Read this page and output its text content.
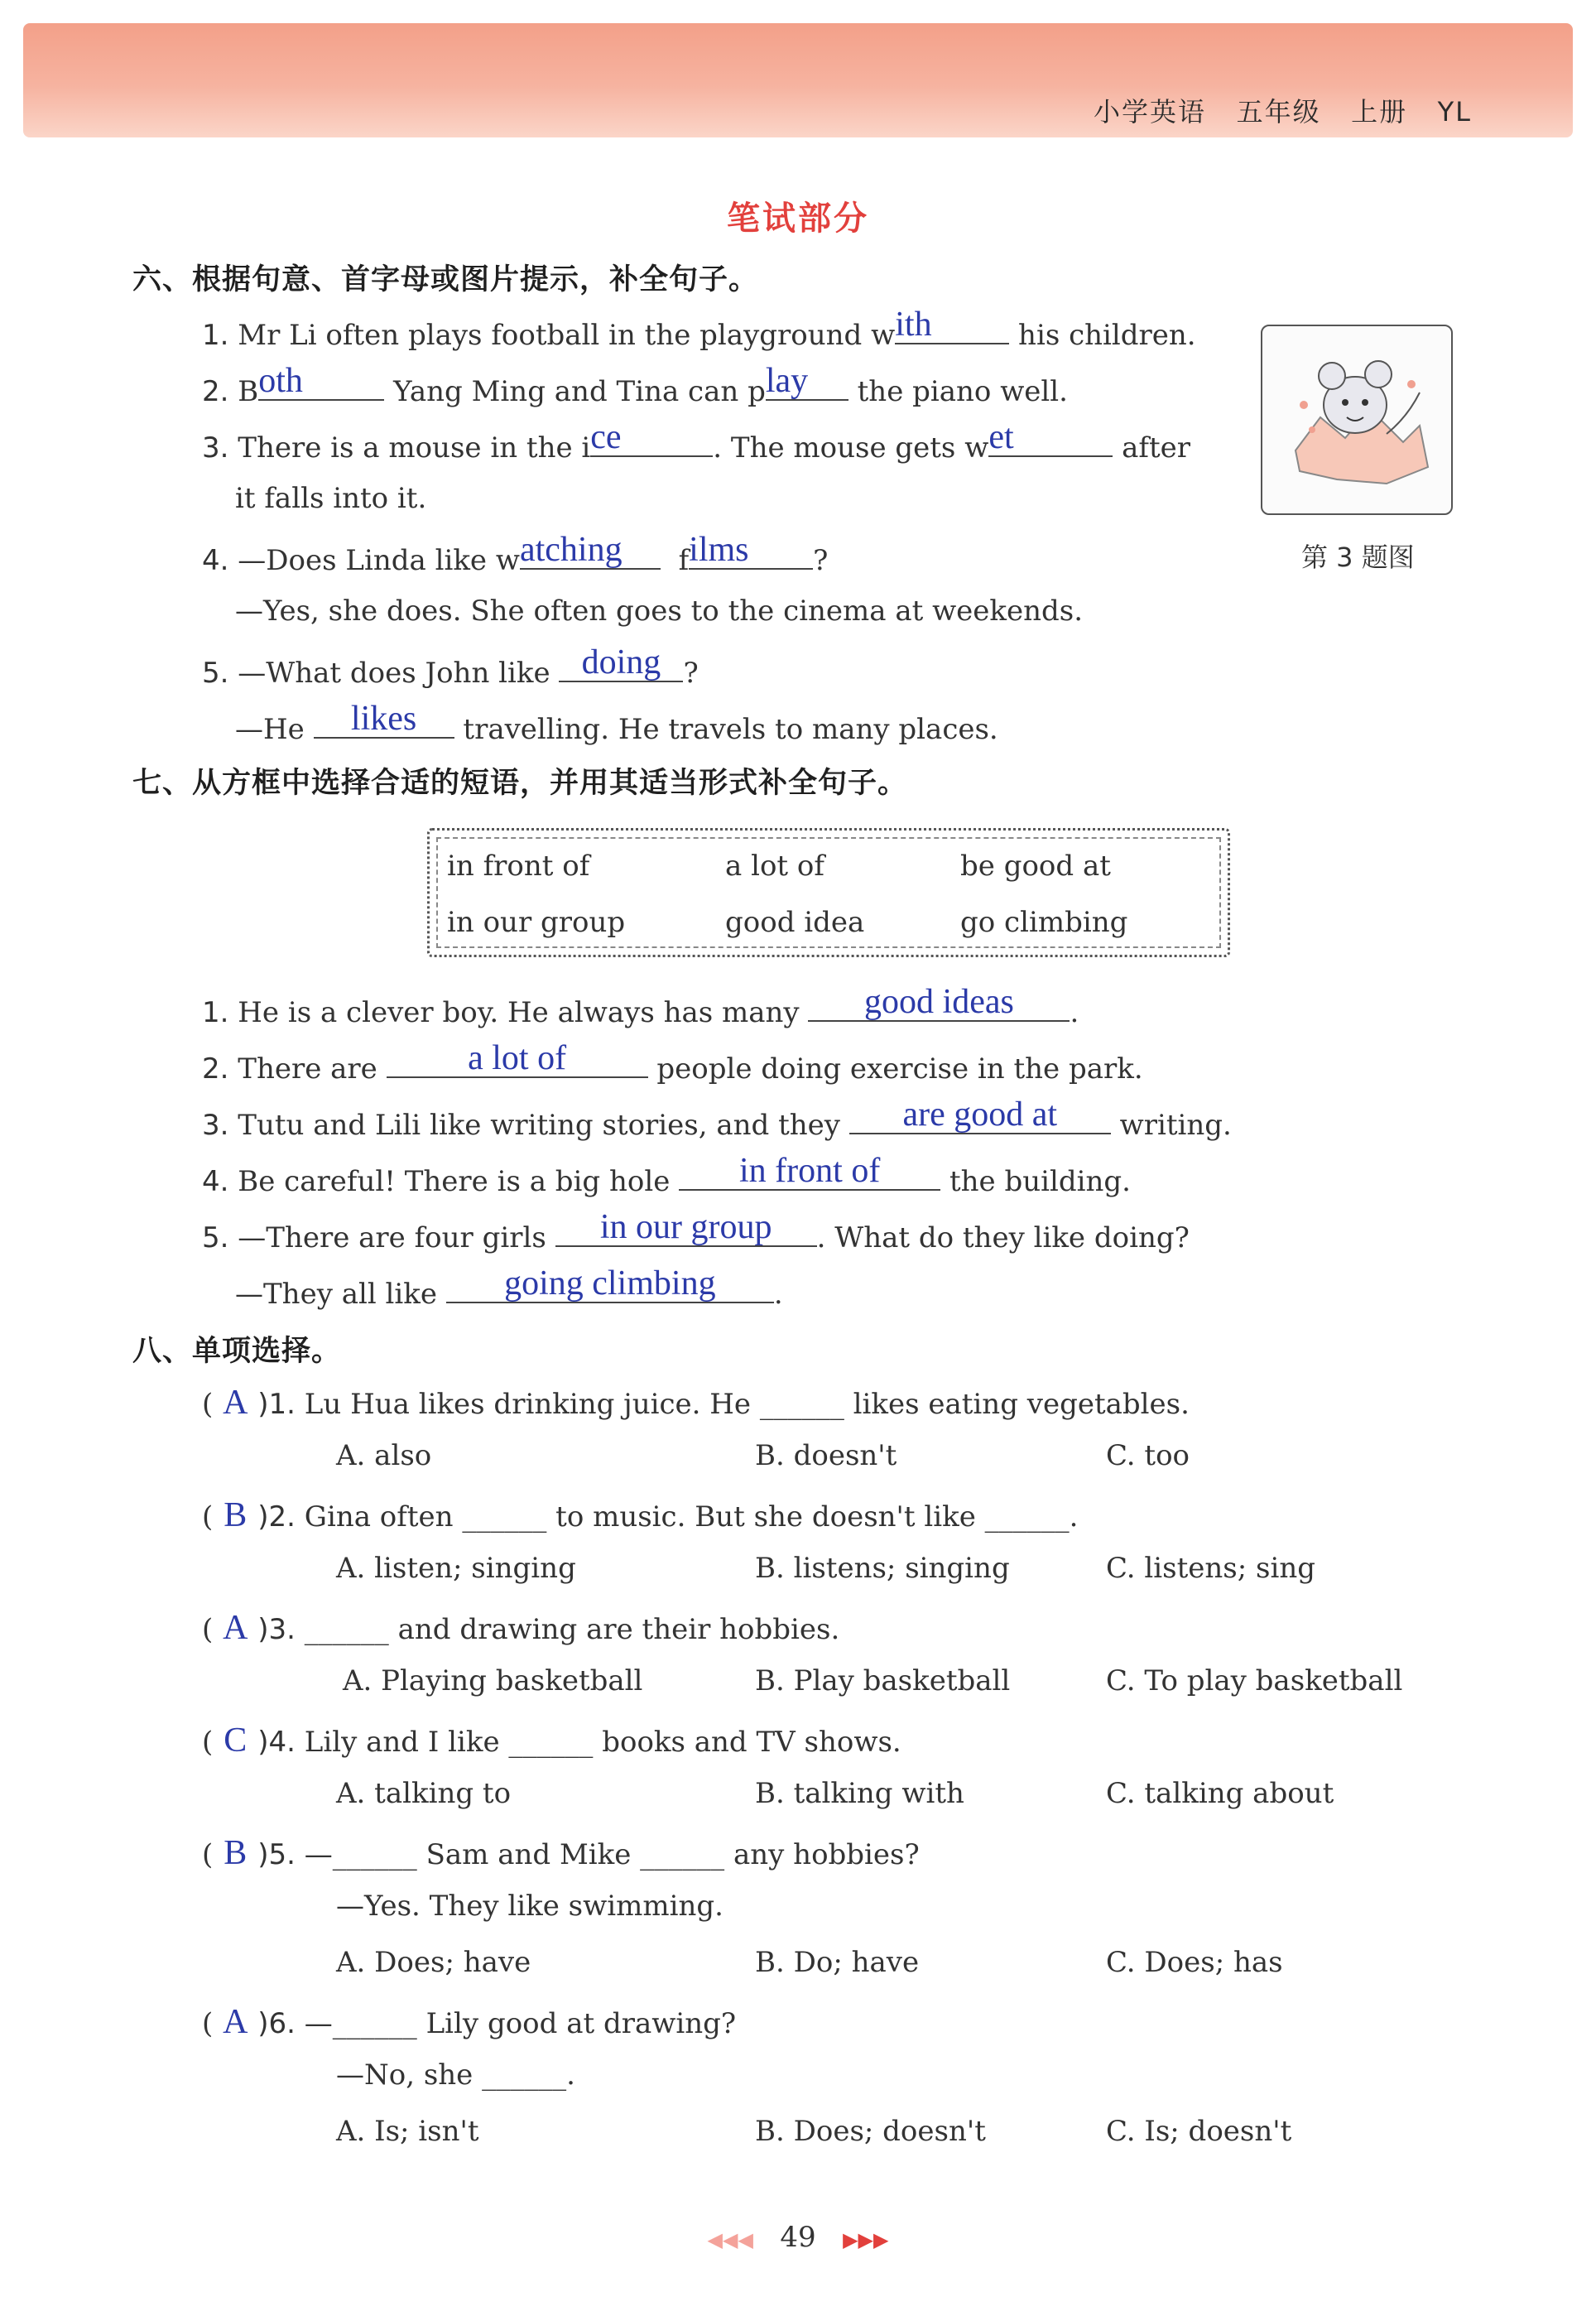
小学英语 五年级 上册 YL
笔试部分
六、根据句意、首字母或图片提示，补全句子。
1. Mr Li often plays football in the playground w ith	his children.
2. B oth	Yang Ming and Tina can p lay	the piano well.
3. There is a mouse in the i ce	. The mouse gets w et	after
it falls into it.
4. —Does Linda like w atching	f ilms	?
—Yes, she does. She often goes to the cinema at weekends.
5. —What does John like doing ?
—He	likes	travelling. He travels to many places.
第 3 题图
七、从方框中选择合适的短语，并用其适当形式补全句子。
in front of	a lot of	be good at
in our group	good idea	go climbing
1. He is a clever boy. He always has many	good ideas	.
2. There are	a lot of	people doing exercise in the park.
3. Tutu and Lili like writing stories, and they	are good at	writing.
4. Be careful! There is a big hole	in front of	the building.
5. —There are four girls	in our group	. What do they like doing?
—They all like	going climbing	.
八、单项选择。
( A )1. Lu Hua likes drinking juice. He ______ likes eating vegetables.
A. also	B. doesn't	C. too
( B )2. Gina often ______ to music. But she doesn't like ______.
A. listen; singing	B. listens; singing	C. listens; sing
( A )3. ______ and drawing are their hobbies.
A. Playing basketball	B. Play basketball	C. To play basketball
( C )4. Lily and I like ______ books and TV shows.
A. talking to	B. talking with	C. talking about
( B )5. —______ Sam and Mike ______ any hobbies?
—Yes. They like swimming.
A. Does; have	B. Do; have	C. Does; has
( A )6. —______ Lily good at drawing?
—No, she ______.
A. Is; isn't	B. Does; doesn't	C. Is; doesn't
◀◀◀ 49 ▶▶▶
